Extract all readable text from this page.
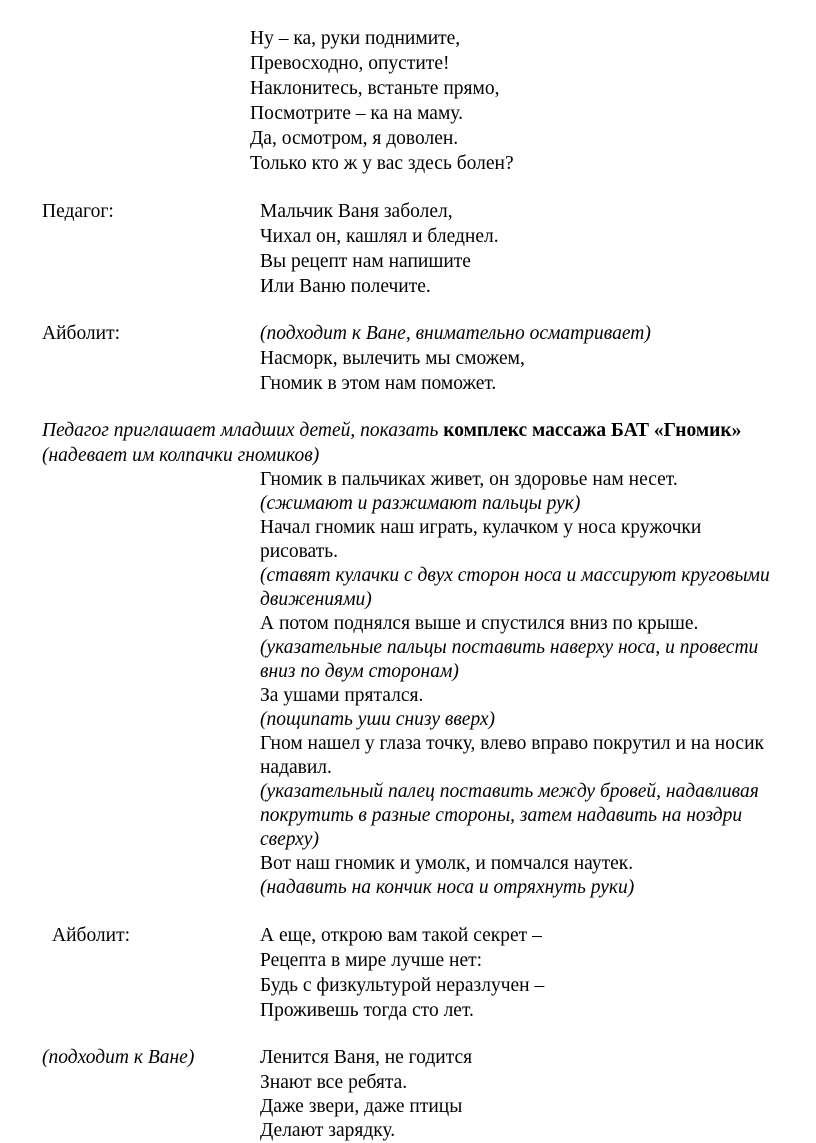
Ну – ка, руки поднимите,
Превосходно, опустите!
Наклонитесь, встаньте прямо,
Посмотрите – ка на маму.
Да, осмотром, я доволен.
Только кто ж у вас здесь болен?
Педагог:	Мальчик Ваня заболел,
Чихал он, кашлял и бледнел.
Вы рецепт нам напишите
Или Ваню полечите.
Айболит:	(подходит к Ване, внимательно осматривает)
Насморк, вылечить мы сможем,
Гномик в этом нам поможет.
Педагог приглашает младших детей, показать комплекс массажа БАТ «Гномик»
(надевает им колпачки гномиков)
Гномик в пальчиках живет, он здоровье нам несет.
(сжимают и разжимают пальцы рук)
Начал гномик наш играть, кулачком у носа кружочки
рисовать.
(ставят кулачки с двух сторон носа и массируют круговыми
движениями)
А потом поднялся выше и спустился вниз по крыше.
(указательные пальцы поставить наверху носа, и провести
вниз по двум сторонам)
За ушами прятался.
(пощипать уши снизу вверх)
Гном нашел у глаза точку, влево вправо покрутил и на носик
надавил.
(указательный палец поставить между бровей, надавливая
покрутить в разные стороны, затем надавить на ноздри
сверху)
Вот наш гномик и умолк, и помчался наутек.
(надавить на кончик носа и отряхнуть руки)
Айболит:	А еще, открою вам такой секрет –
Рецепта в мире лучше нет:
Будь с физкультурой неразлучен –
Проживешь тогда сто лет.
(подходит к Ване)	Ленится Ваня, не годится
Знают все ребята.
Даже звери, даже птицы
Делают зарядку.
